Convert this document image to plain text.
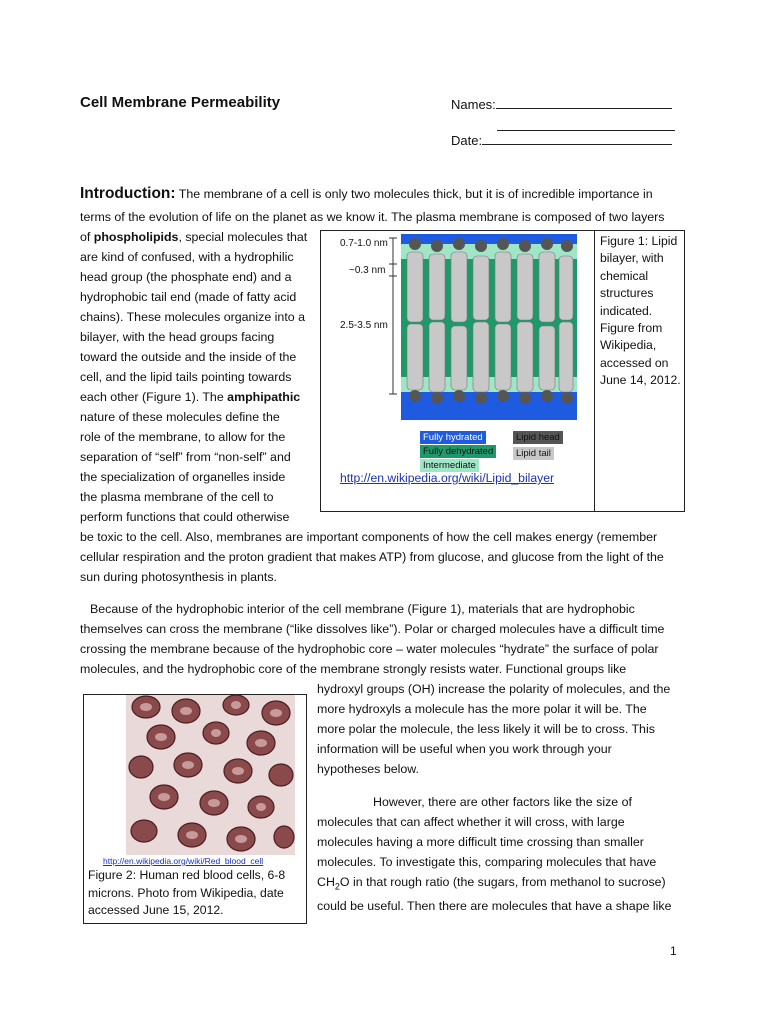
Cell Membrane Permeability	Names:
Date:
Introduction: The membrane of a cell is only two molecules thick, but it is of incredible importance in
terms of the evolution of life on the planet as we know it. The plasma membrane is composed of two layers
of phospholipids, special molecules that
are kind of confused, with a hydrophilic
head group (the phosphate end) and a
hydrophobic tail end (made of fatty acid
chains). These molecules organize into a
bilayer, with the head groups facing
toward the outside and the inside of the
cell, and the lipid tails pointing towards
each other (Figure 1). The amphipathic
nature of these molecules define the
role of the membrane, to allow for the
separation of “self” from “non-self” and
the specialization of organelles inside
the plasma membrane of the cell to
perform functions that could otherwise
be toxic to the cell. Also, membranes are important components of how the cell makes energy (remember
cellular respiration and the proton gradient that makes ATP) from glucose, and glucose from the light of the
sun during photosynthesis in plants.
0.7-1.0 nm
~0.3 nm
2.5-3.5 nm
Fully hydrated
Fully dehydrated
Intermediate
Lipid head
Lipid tail
http://en.wikipedia.org/wiki/Lipid_bilayer
Figure 1: Lipid bilayer, with chemical structures indicated. Figure from Wikipedia, accessed on June 14, 2012.
Because of the hydrophobic interior of the cell membrane (Figure 1), materials that are hydrophobic
themselves can cross the membrane (“like dissolves like”). Polar or charged molecules have a difficult time
crossing the membrane because of the hydrophobic core – water molecules “hydrate” the surface of polar
molecules, and the hydrophobic core of the membrane strongly resists water. Functional groups like
hydroxyl groups (OH) increase the polarity of molecules, and the
more hydroxyls a molecule has the more polar it will be. The
more polar the molecule, the less likely it will be to cross. This
information will be useful when you work through your
hypotheses below.
However, there are other factors like the size of
molecules that can affect whether it will cross, with large
molecules having a more difficult time crossing than smaller
molecules. To investigate this, comparing molecules that have
$CH_2O$ in that rough ratio (the sugars, from methanol to sucrose)
could be useful. Then there are molecules that have a shape like
http://en.wikipedia.org/wiki/Red_blood_cell
Figure 2: Human red blood cells, 6-8 microns. Photo from Wikipedia, date accessed June 15, 2012.
1
